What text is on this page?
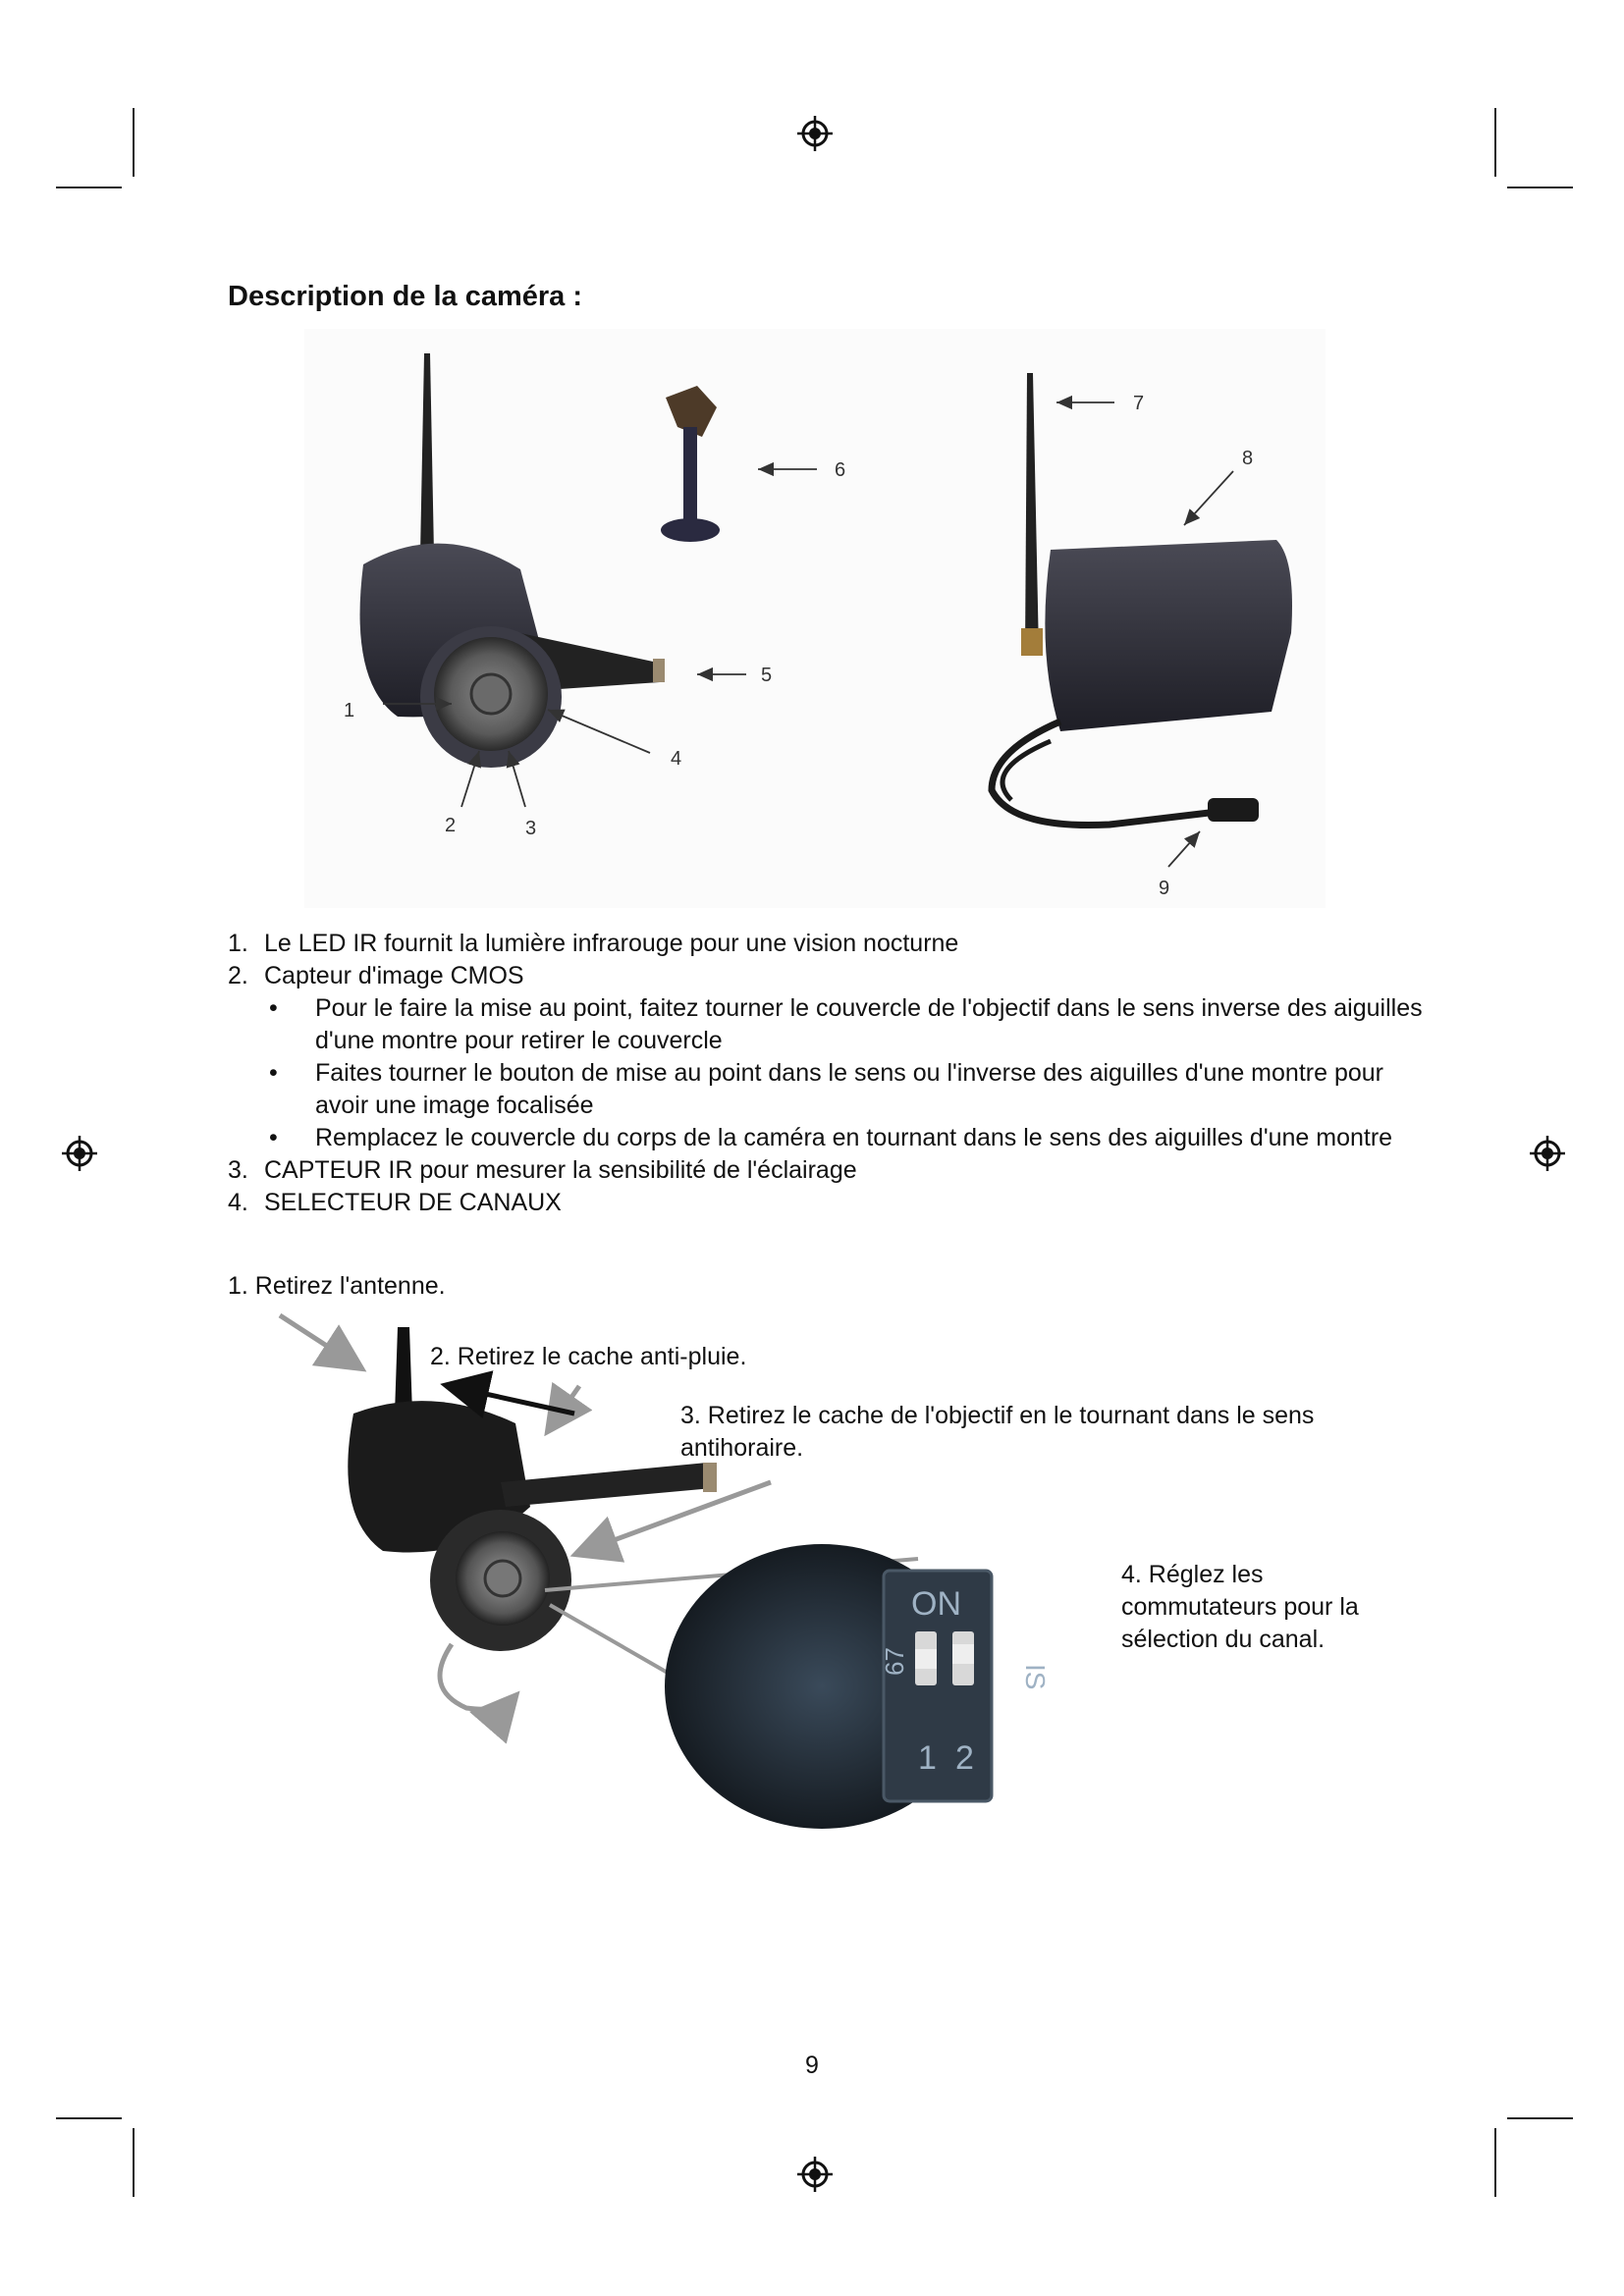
Description de la caméra :
1
2	3
4
5
6
7
8
9
1. Le LED IR fournit la lumière infrarouge pour une vision nocturne
2. Capteur d'image CMOS
• Pour le faire la mise au point, faitez tourner le couvercle de l'objectif dans le sens inverse des aiguilles d'une montre pour retirer le couvercle
• Faites tourner le bouton de mise au point dans le sens ou l'inverse des aiguilles d'une montre pour avoir une image focalisée
• Remplacez le couvercle du corps de la caméra en tournant dans le sens des aiguilles d'une montre
3. CAPTEUR IR pour mesurer la sensibilité de l'éclairage
4. SELECTEUR DE CANAUX
ON
1 2
67
IS
1. Retirez l'antenne.
2. Retirez le cache anti-pluie.
3. Retirez le cache de l'objectif en le tournant dans le sens antihoraire.
4. Réglez les commutateurs pour la sélection du canal.
9
